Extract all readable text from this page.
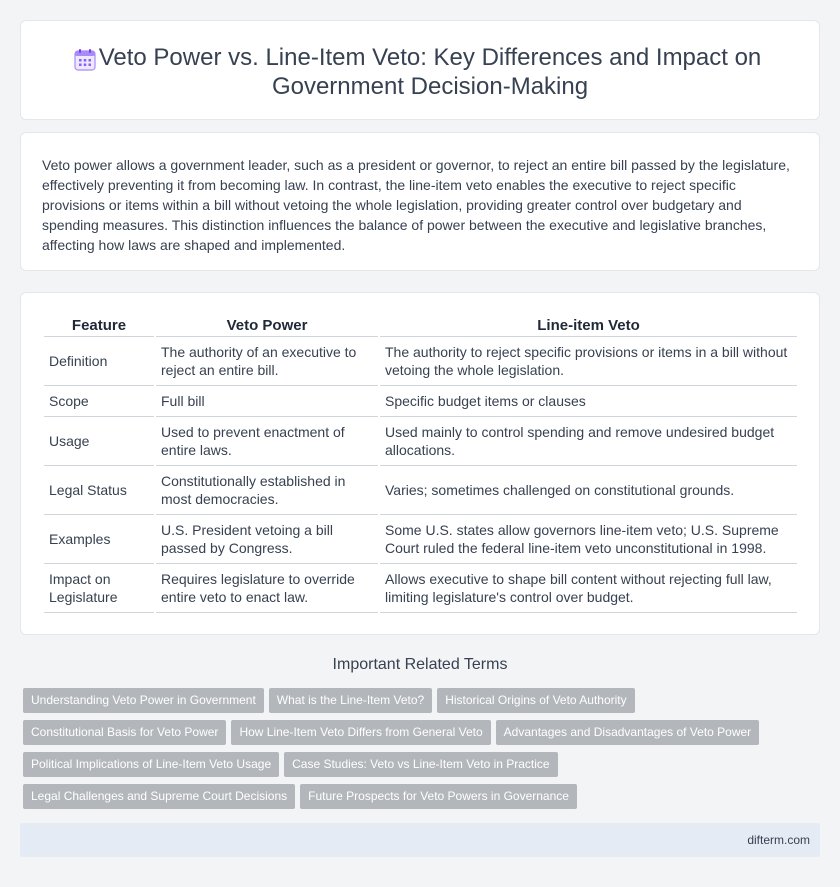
Veto Power vs. Line-Item Veto: Key Differences and Impact on
Government Decision-Making

Veto power allows a government leader, such as a president or governor, to reject an entire bill passed by the legislature, effectively preventing it from becoming law. In contrast, the line-item veto enables the executive to reject specific provisions or items within a bill without vetoing the whole legislation, providing greater control over budgetary and spending measures. This distinction influences the balance of power between the executive and legislative branches, affecting how laws are shaped and implemented.

Feature	Veto Power	Line-item Veto
Definition	The authority of an executive to reject an entire bill.	The authority to reject specific provisions or items in a bill without vetoing the whole legislation.
Scope	Full bill	Specific budget items or clauses
Usage	Used to prevent enactment of entire laws.	Used mainly to control spending and remove undesired budget allocations.
Legal Status	Constitutionally established in most democracies.	Varies; sometimes challenged on constitutional grounds.
Examples	U.S. President vetoing a bill passed by Congress.	Some U.S. states allow governors line-item veto; U.S. Supreme Court ruled the federal line-item veto unconstitutional in 1998.
Impact on Legislature	Requires legislature to override entire veto to enact law.	Allows executive to shape bill content without rejecting full law, limiting legislature's control over budget.
Important Related Terms
Understanding Veto Power in Government What is the Line-Item Veto? Historical Origins of Veto Authority
Constitutional Basis for Veto Power How Line-Item Veto Differs from General Veto Advantages and Disadvantages of Veto Power
Political Implications of Line-Item Veto Usage Case Studies: Veto vs Line-Item Veto in Practice
Legal Challenges and Supreme Court Decisions Future Prospects for Veto Powers in Governance
difterm.com
